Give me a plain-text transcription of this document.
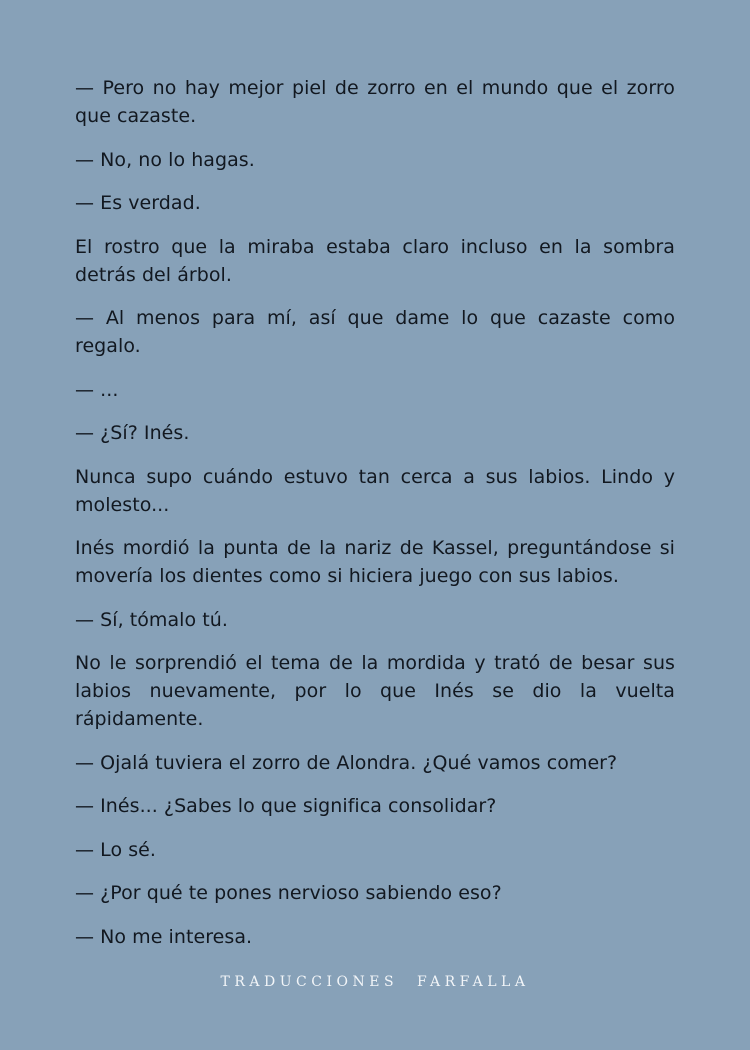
— Pero no hay mejor piel de zorro en el mundo que el zorro que cazaste.

— No, no lo hagas.

— Es verdad.

El rostro que la miraba estaba claro incluso en la sombra detrás del árbol.

— Al menos para mí, así que dame lo que cazaste como regalo.

— ...

— ¿Sí? Inés.

Nunca supo cuándo estuvo tan cerca a sus labios. Lindo y molesto...

Inés mordió la punta de la nariz de Kassel, preguntándose si movería los dientes como si hiciera juego con sus labios.

— Sí, tómalo tú.

No le sorprendió el tema de la mordida y trató de besar sus labios nuevamente, por lo que Inés se dio la vuelta rápidamente.

— Ojalá tuviera el zorro de Alondra. ¿Qué vamos comer?

— Inés... ¿Sabes lo que significa consolidar?

— Lo sé.

— ¿Por qué te pones nervioso sabiendo eso?

— No me interesa.

TRADUCCIONES FARFALLA
